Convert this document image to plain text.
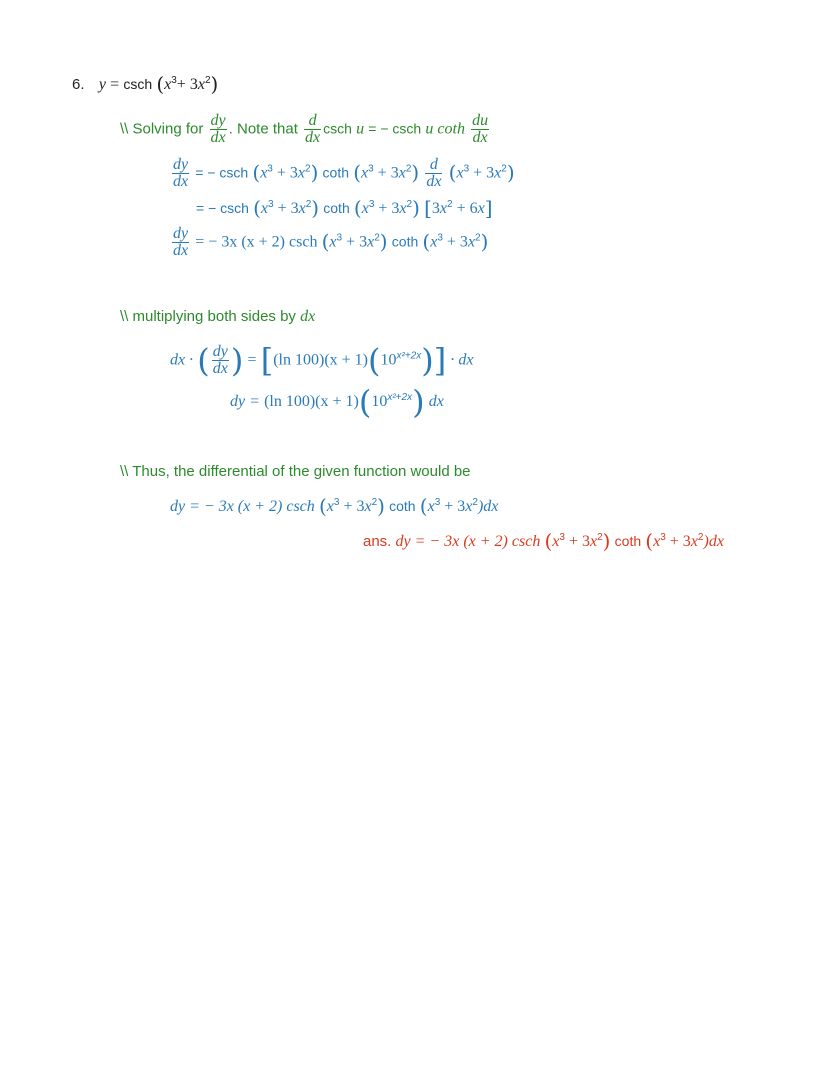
6. y = csch $(x^3+ 3x^2)$
\\ Solving for $\frac{dy}{dx}$ . Note that $\frac{d}{dx}$ csch u = − csch u coth $\frac{du}{dx}$
$\frac{dy}{dx}$ = − csch $(x^3 + 3x^2)$ coth $(x^3 + 3x^2) \frac{d}{dx} (x^3 + 3x^2)$
= − csch $(x^3 + 3x^2)$ coth $(x^3 + 3x^2) [3x^2 + 6x]$
$\frac{dy}{dx}$ = − 3x (x + 2) csch $(x^3 + 3x^2)$ coth $(x^3 + 3x^2)$
\\ multiplying both sides by dx
dx · ( $\frac{dy}{dx}$ ) = [(ln $100)(x + 1)(10^{x^2+2x})$] · dx
dy = (ln $100)(x + 1)(10^{x^2+2x})$ dx
\\ Thus, the differential of the given function would be
dy = − 3x (x + 2) csch $(x^3 + 3x^2)$ coth $(x^3 + 3x^2)dx$
ans. dy = − 3x (x + 2) csch $(x^3 + 3x^2)$ coth $(x^3 + 3x^2)dx$
